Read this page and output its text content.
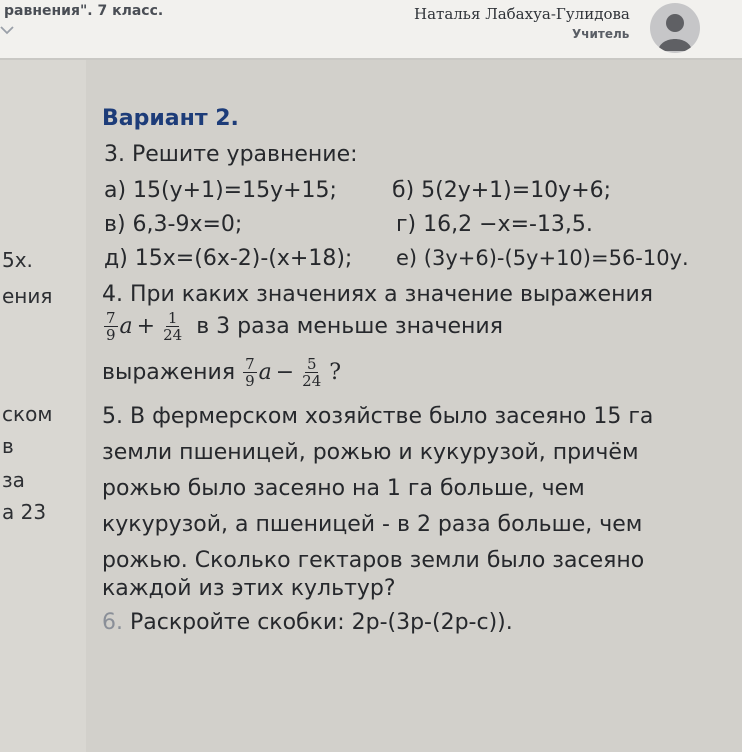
равнения". 7 класс.	Наталья Лабахуа-Гулидова
Учитель
5х.
ения
ском
в
за
а 23
Вариант 2.
3. Решите уравнение:
а) 15(у+1)=15у+15;	б) 5(2у+1)=10у+6;
в) 6,3-9х=0;	г) 16,2 −х=-13,5.
д) 15х=(6х-2)-(х+18); е) (3у+6)-(5у+10)=56-10у.
4. При каких значениях а значение выражения
$\frac{7}{9}$ $a + \frac{1}{24}$ в 3 раза меньше значения
выражения $\frac{7}{9}$ $a - \frac{5}{24}$ ?
5. В фермерском хозяйстве было засеяно 15 га
земли пшеницей, рожью и кукурузой, причём
рожью было засеяно на 1 га больше, чем
кукурузой, а пшеницей - в 2 раза больше, чем
рожью. Сколько гектаров земли было засеяно
каждой из этих культур?
6. Раскройте скобки: 2р-(3р-(2р-с)).
